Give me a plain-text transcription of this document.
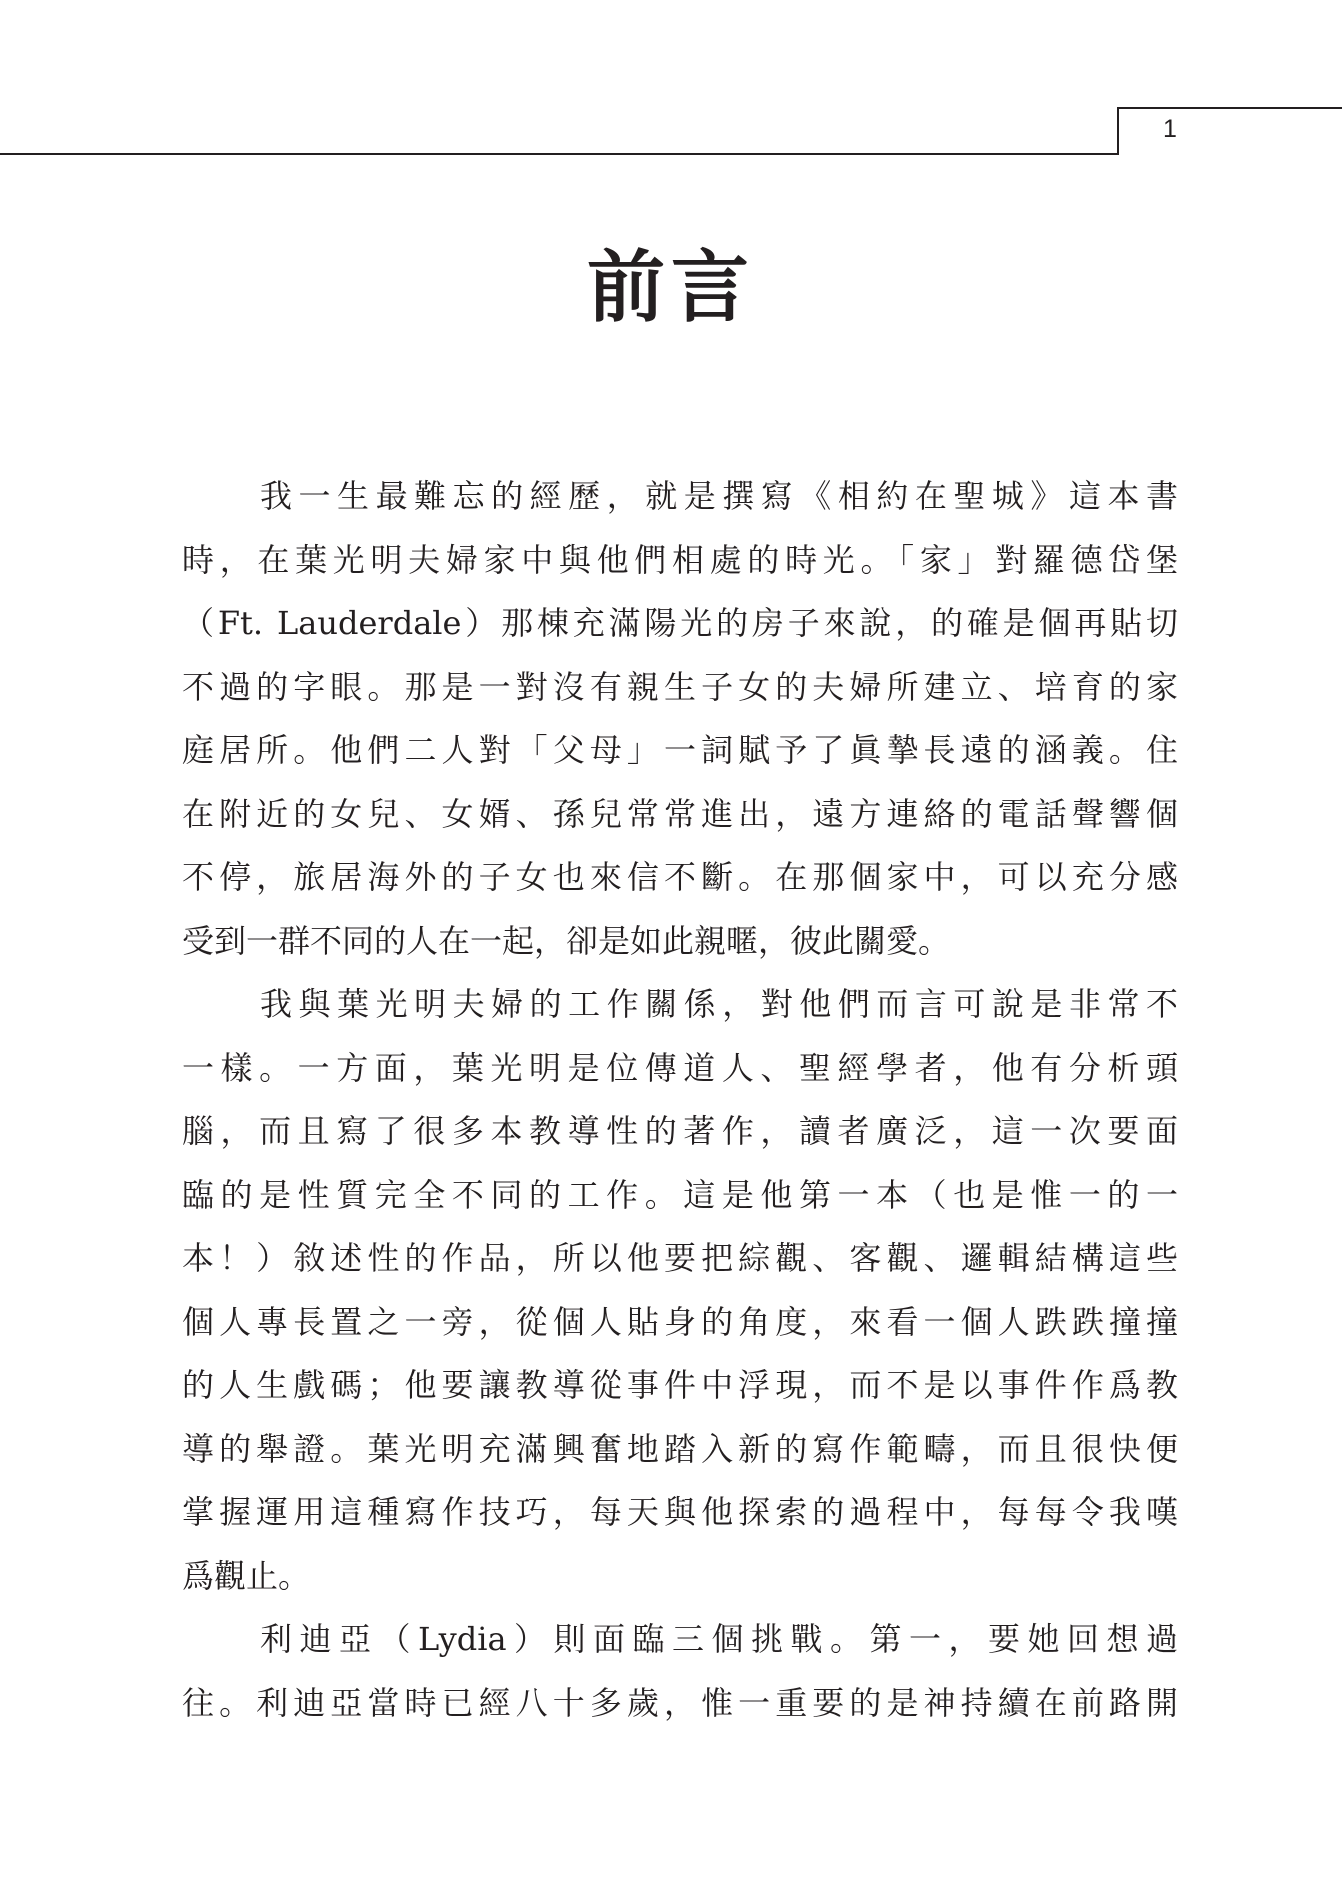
1
前言
我一生最難忘的經歷，就是撰寫《相約在聖城》這本書
時，在葉光明夫婦家中與他們相處的時光。「家」對羅德岱堡
（Ft. Lauderdale）那棟充滿陽光的房子來說，的確是個再貼切
不過的字眼。那是一對沒有親生子女的夫婦所建立、培育的家
庭居所。他們二人對「父母」一詞賦予了眞摯長遠的涵義。住
在附近的女兒、女婿、孫兒常常進出，遠方連絡的電話聲響個
不停，旅居海外的子女也來信不斷。在那個家中，可以充分感
受到一群不同的人在一起，卻是如此親暱，彼此關愛。
我與葉光明夫婦的工作關係，對他們而言可說是非常不
一樣。一方面，葉光明是位傳道人、聖經學者，他有分析頭
腦，而且寫了很多本教導性的著作，讀者廣泛，這一次要面
臨的是性質完全不同的工作。這是他第一本（也是惟一的一
本！）敘述性的作品，所以他要把綜觀、客觀、邏輯結構這些
個人專長置之一旁，從個人貼身的角度，來看一個人跌跌撞撞
的人生戲碼；他要讓教導從事件中浮現，而不是以事件作爲教
導的舉證。葉光明充滿興奮地踏入新的寫作範疇，而且很快便
掌握運用這種寫作技巧，每天與他探索的過程中，每每令我嘆
爲觀止。
利迪亞（Lydia）則面臨三個挑戰。第一，要她回想過
往。利迪亞當時已經八十多歲，惟一重要的是神持續在前路開
